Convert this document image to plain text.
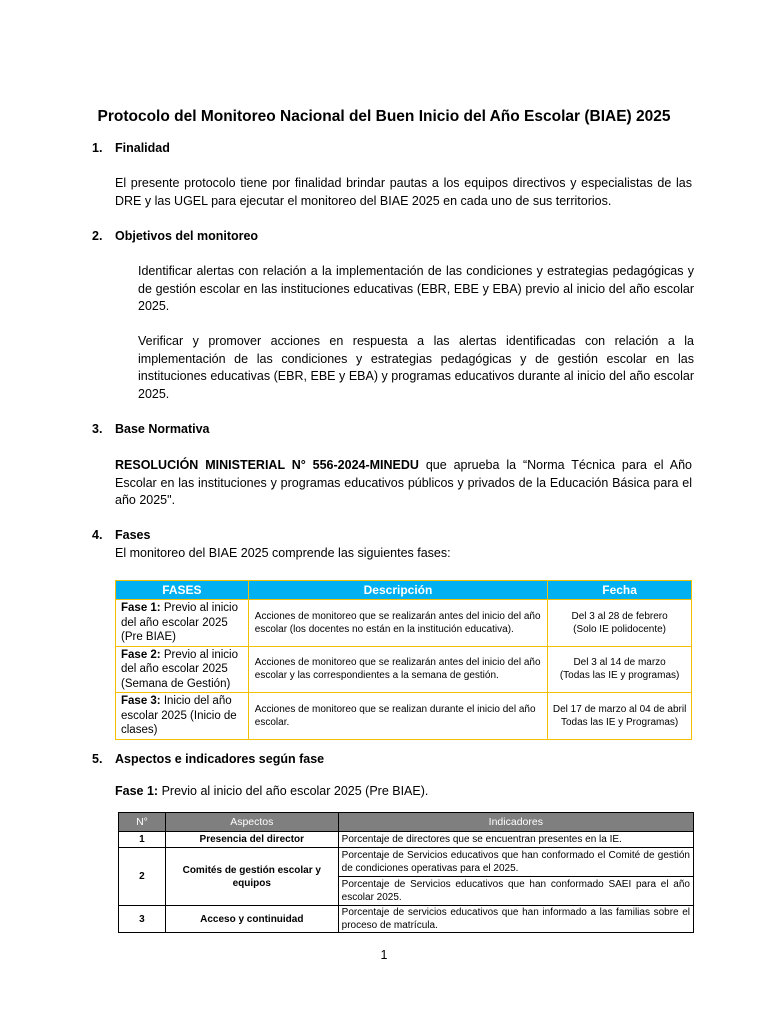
Protocolo del Monitoreo Nacional del Buen Inicio del Año Escolar (BIAE) 2025
1. Finalidad
El presente protocolo tiene por finalidad brindar pautas a los equipos directivos y especialistas de las DRE y las UGEL para ejecutar el monitoreo del BIAE 2025 en cada uno de sus territorios.
2. Objetivos del monitoreo
Identificar alertas con relación a la implementación de las condiciones y estrategias pedagógicas y de gestión escolar en las instituciones educativas (EBR, EBE y EBA) previo al inicio del año escolar 2025.
Verificar y promover acciones en respuesta a las alertas identificadas con relación a la implementación de las condiciones y estrategias pedagógicas y de gestión escolar en las instituciones educativas (EBR, EBE y EBA) y programas educativos durante al inicio del año escolar 2025.
3. Base Normativa
RESOLUCIÓN MINISTERIAL N° 556-2024-MINEDU que aprueba la “Norma Técnica para el Año Escolar en las instituciones y programas educativos públicos y privados de la Educación Básica para el año 2025".
4. Fases
El monitoreo del BIAE 2025 comprende las siguientes fases:
FASES	Descripción	Fecha
Fase 1: Previo al inicio del año escolar 2025 (Pre BIAE)	Acciones de monitoreo que se realizarán antes del inicio del año escolar (los docentes no están en la institución educativa).	Del 3 al 28 de febrero
(Solo IE polidocente)

Fase 2: Previo al inicio del año escolar 2025 (Semana de Gestión)	Acciones de monitoreo que se realizarán antes del inicio del año escolar y las correspondientes a la semana de gestión.	Del 3 al 14 de marzo
(Todas las IE y programas)

Fase 3: Inicio del año escolar 2025 (Inicio de clases)	Acciones de monitoreo que se realizan durante el inicio del año escolar.	Del 17 de marzo al 04 de abril
Todas las IE y Programas)
5. Aspectos e indicadores según fase
Fase 1: Previo al inicio del año escolar 2025 (Pre BIAE).
N°	Aspectos	Indicadores
1	Presencia del director	Porcentaje de directores que se encuentran presentes en la IE.
2	Comités de gestión escolar y equipos	Porcentaje de Servicios educativos que han conformado el Comité de gestión de condiciones operativas para el 2025.
		Porcentaje de Servicios educativos que han conformado SAEI para el año escolar 2025.
3	Acceso y continuidad	Porcentaje de servicios educativos que han informado a las familias sobre el proceso de matrícula.
1
